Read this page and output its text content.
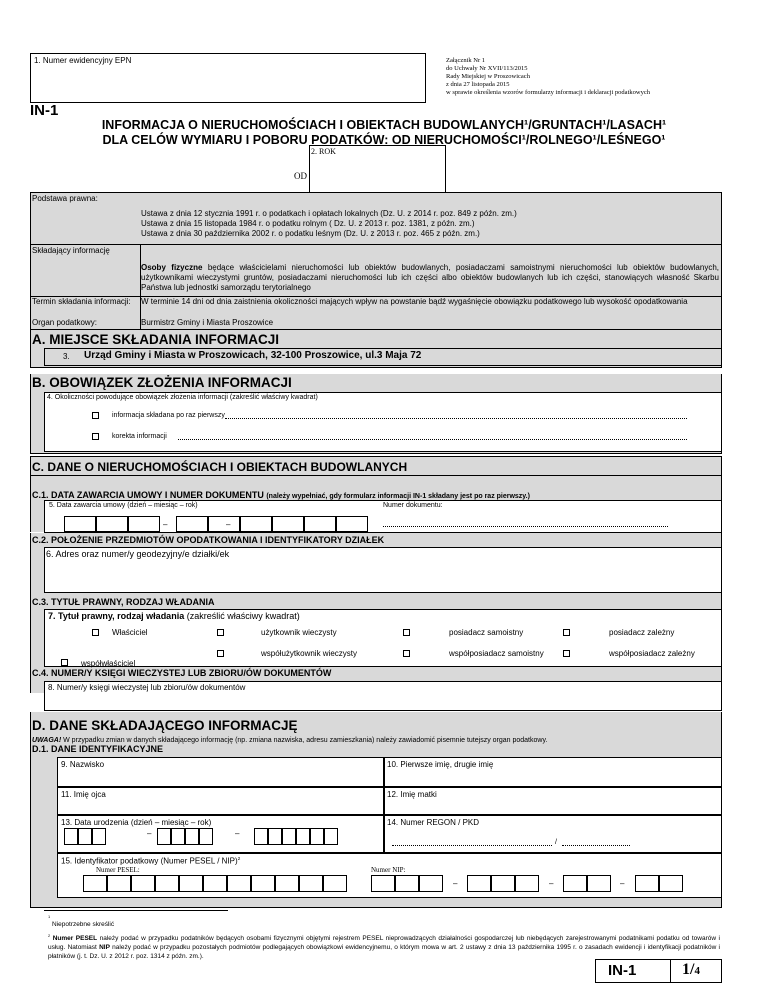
1. Numer ewidencyjny EPN	Załącznik Nr 1
do Uchwały Nr XVII/113/2015
Rady Miejskiej w Proszowicach
z dnia 27 listopada 2015
w sprawie określenia wzorów formularzy informacji i deklaracji podatkowych
IN-1
INFORMACJA O NIERUCHOMOŚCIACH I OBIEKTACH BUDOWLANYCH¹/GRUNTACH¹/LASACH¹
DLA CELÓW WYMIARU I POBORU PODATKÓW: OD NIERUCHOMOŚCI¹/ROLNEGO¹/LEŚNEGO¹
OD
2. ROK
Podstawa prawna:
Ustawa z dnia 12 stycznia 1991 r. o podatkach i opłatach lokalnych (Dz. U. z 2014 r. poz. 849 z późn. zm.)
Ustawa z dnia 15 listopada 1984 r. o podatku rolnym ( Dz. U. z 2013 r. poz. 1381, z późn. zm.)
Ustawa z dnia 30 października 2002 r. o podatku leśnym (Dz. U. z 2013 r. poz. 465 z późn. zm.)
Składający informację
Osoby fizyczne będące właścicielami nieruchomości lub obiektów budowlanych, posiadaczami samoistnymi nieruchomości lub obiektów budowlanych, użytkownikami wieczystymi gruntów, posiadaczami nieruchomości lub ich części albo obiektów budowlanych lub ich części, stanowiących własność Skarbu Państwa lub jednostki samorządu terytorialnego
Termin składania informacji:	W terminie 14 dni od dnia zaistnienia okoliczności mających wpływ na powstanie bądź wygaśnięcie obowiązku podatkowego lub wysokość opodatkowania
Organ podatkowy:	Burmistrz Gminy i Miasta Proszowice
A. MIEJSCE SKŁADANIA INFORMACJI
3. Urząd Gminy i Miasta w Proszowicach, 32-100 Proszowice, ul.3 Maja 72
B. OBOWIĄZEK ZŁOŻENIA INFORMACJI
4. Okoliczności powodujące obowiązek złożenia informacji (zakreślić właściwy kwadrat)
informacja składana po raz pierwszy
korekta informacji
C. DANE O NIERUCHOMOŚCIACH I OBIEKTACH BUDOWLANYCH
C.1. DATA ZAWARCIA UMOWY I NUMER DOKUMENTU (należy wypełniać, gdy formularz informacji IN-1 składany jest po raz pierwszy.)
5. Data zawarcia umowy (dzień – miesiąc – rok)	Numer dokumentu:
–	–
C.2. POŁOŻENIE PRZEDMIOTÓW OPODATKOWANIA I IDENTYFIKATORY DZIAŁEK
6. Adres oraz numer/y geodezyjny/e działki/ek
C.3. TYTUŁ PRAWNY, RODZAJ WŁADANIA
7. Tytuł prawny, rodzaj władania (zakreślić właściwy kwadrat)
Właściciel	użytkownik wieczysty	posiadacz samoistny	posiadacz zależny
współużytkownik wieczysty	współposiadacz samoistny	współposiadacz zależny
współwłaściciel
C.4. NUMER/Y KSIĘGI WIECZYSTEJ LUB ZBIORU/ÓW DOKUMENTÓW
8. Numer/y księgi wieczystej lub zbioru/ów dokumentów
D. DANE SKŁADAJĄCEGO INFORMACJĘ
UWAGA! W przypadku zmian w danych składającego informację (np. zmiana nazwiska, adresu zamieszkania) należy zawiadomić pisemnie tutejszy organ podatkowy.
D.1. DANE IDENTYFIKACYJNE
9. Nazwisko	10. Pierwsze imię, drugie imię
11. Imię ojca	12. Imię matki
13. Data urodzenia (dzień – miesiąc – rok)
–	–
14. Numer REGON / PKD
/
15. Identyfikator podatkowy (Numer PESEL / NIP)$^2$
Numer PESEL:	Numer NIP:
–	–	–
$^1$ Niepotrzebne skreślić
$^2$ Numer PESEL należy podać w przypadku podatników będących osobami fizycznymi objętymi rejestrem PESEL nieprowadzących działalności gospodarczej lub niebędących zarejestrowanymi podatnikami podatku od towarów i usług. Natomiast NIP należy podać w przypadku pozostałych podmiotów podlegających obowiązkowi ewidencyjnemu, o którym mowa w art. 2 ustawy z dnia 13 października 1995 r. o zasadach ewidencji i identyfikacji podatników i płatników (j. t. Dz. U. z 2012 r. poz. 1314 z późn. zm.).
IN-1	1/4
